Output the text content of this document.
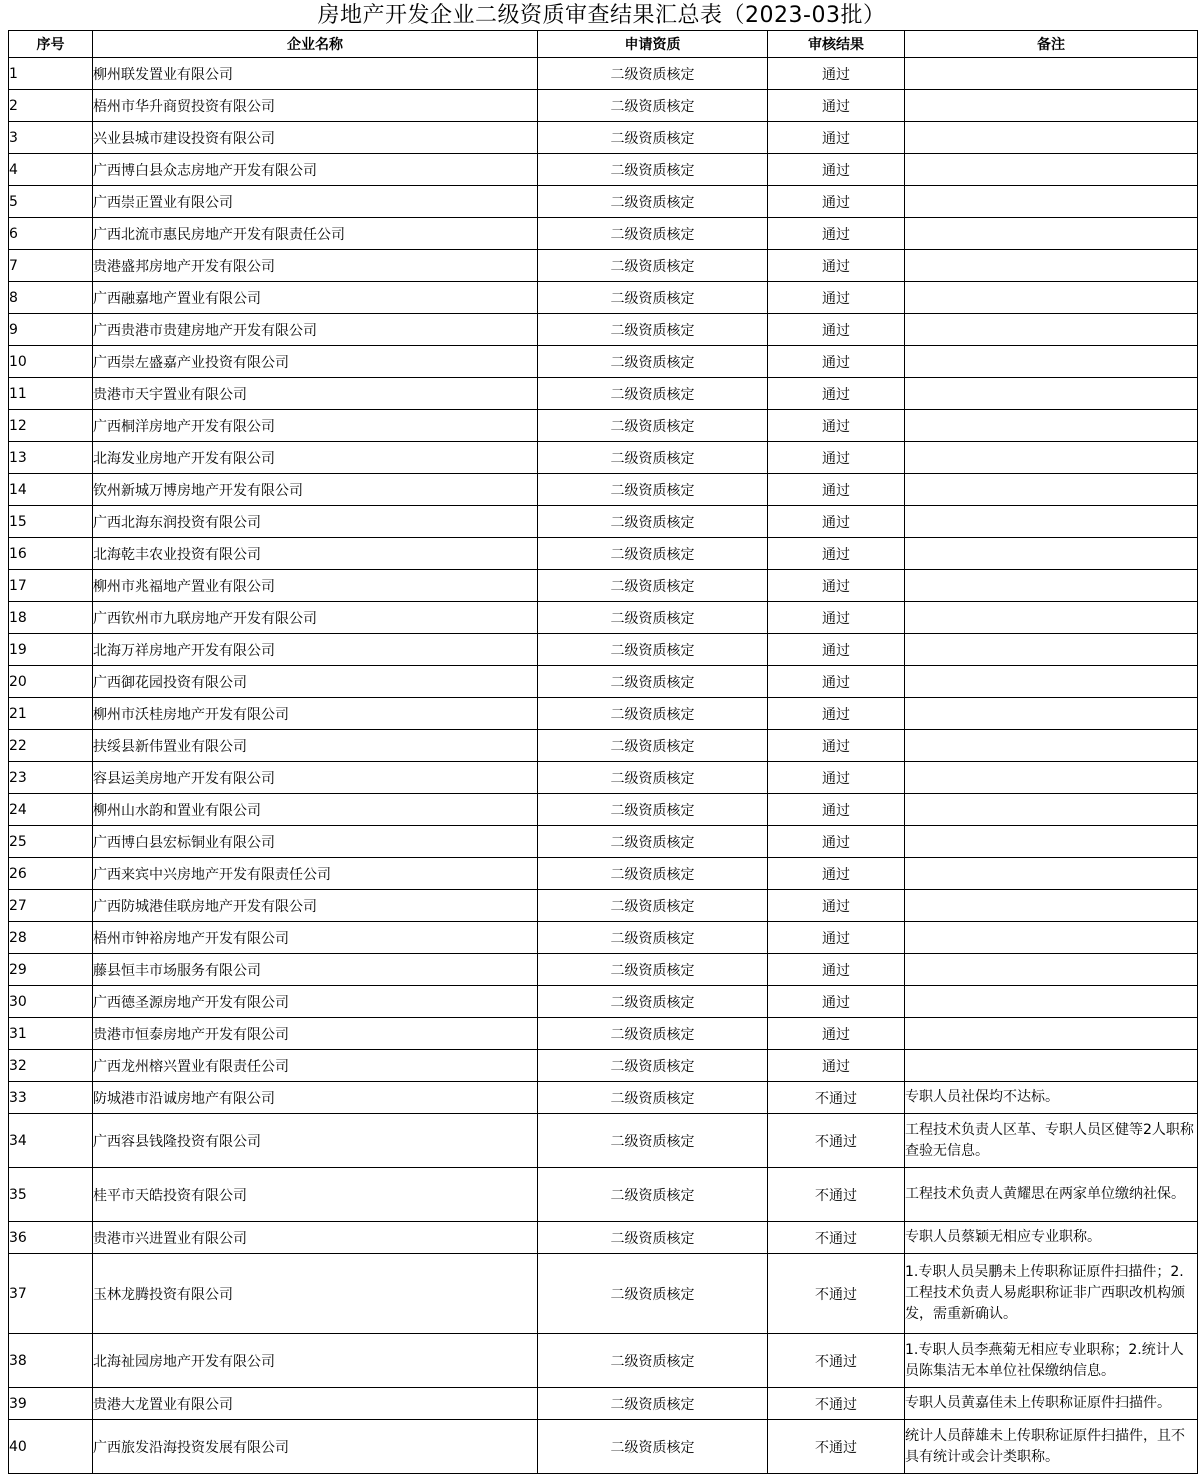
房地产开发企业二级资质审查结果汇总表（2023-03批）
序号	企业名称	申请资质	审核结果	备注
1	柳州联发置业有限公司	二级资质核定	通过	
2	梧州市华升商贸投资有限公司	二级资质核定	通过	
3	兴业县城市建设投资有限公司	二级资质核定	通过	
4	广西博白县众志房地产开发有限公司	二级资质核定	通过	
5	广西崇正置业有限公司	二级资质核定	通过	
6	广西北流市惠民房地产开发有限责任公司	二级资质核定	通过	
7	贵港盛邦房地产开发有限公司	二级资质核定	通过	
8	广西融嘉地产置业有限公司	二级资质核定	通过	
9	广西贵港市贵建房地产开发有限公司	二级资质核定	通过	
10	广西崇左盛嘉产业投资有限公司	二级资质核定	通过	
11	贵港市天宇置业有限公司	二级资质核定	通过	
12	广西桐洋房地产开发有限公司	二级资质核定	通过	
13	北海发业房地产开发有限公司	二级资质核定	通过	
14	钦州新城万博房地产开发有限公司	二级资质核定	通过	
15	广西北海东润投资有限公司	二级资质核定	通过	
16	北海乾丰农业投资有限公司	二级资质核定	通过	
17	柳州市兆福地产置业有限公司	二级资质核定	通过	
18	广西钦州市九联房地产开发有限公司	二级资质核定	通过	
19	北海万祥房地产开发有限公司	二级资质核定	通过	
20	广西御花园投资有限公司	二级资质核定	通过	
21	柳州市沃桂房地产开发有限公司	二级资质核定	通过	
22	扶绥县新伟置业有限公司	二级资质核定	通过	
23	容县运美房地产开发有限公司	二级资质核定	通过	
24	柳州山水韵和置业有限公司	二级资质核定	通过	
25	广西博白县宏标铜业有限公司	二级资质核定	通过	
26	广西来宾中兴房地产开发有限责任公司	二级资质核定	通过	
27	广西防城港佳联房地产开发有限公司	二级资质核定	通过	
28	梧州市钟裕房地产开发有限公司	二级资质核定	通过	
29	藤县恒丰市场服务有限公司	二级资质核定	通过	
30	广西德圣源房地产开发有限公司	二级资质核定	通过	
31	贵港市恒泰房地产开发有限公司	二级资质核定	通过	
32	广西龙州榕兴置业有限责任公司	二级资质核定	通过	
33	防城港市沿诚房地产有限公司	二级资质核定	不通过	专职人员社保均不达标。
34	广西容县钱隆投资有限公司	二级资质核定	不通过	工程技术负责人区革、专职人员区健等2人职称查验无信息。
35	桂平市天皓投资有限公司	二级资质核定	不通过	工程技术负责人黄耀思在两家单位缴纳社保。
36	贵港市兴进置业有限公司	二级资质核定	不通过	专职人员蔡颖无相应专业职称。
37	玉林龙腾投资有限公司	二级资质核定	不通过	1.专职人员吴鹏未上传职称证原件扫描件；2.工程技术负责人易彪职称证非广西职改机构颁发，需重新确认。
38	北海祉园房地产开发有限公司	二级资质核定	不通过	1.专职人员李燕菊无相应专业职称；2.统计人员陈集洁无本单位社保缴纳信息。
39	贵港大龙置业有限公司	二级资质核定	不通过	专职人员黄嘉佳未上传职称证原件扫描件。
40	广西旅发沿海投资发展有限公司	二级资质核定	不通过	统计人员薛雄未上传职称证原件扫描件，且不具有统计或会计类职称。
